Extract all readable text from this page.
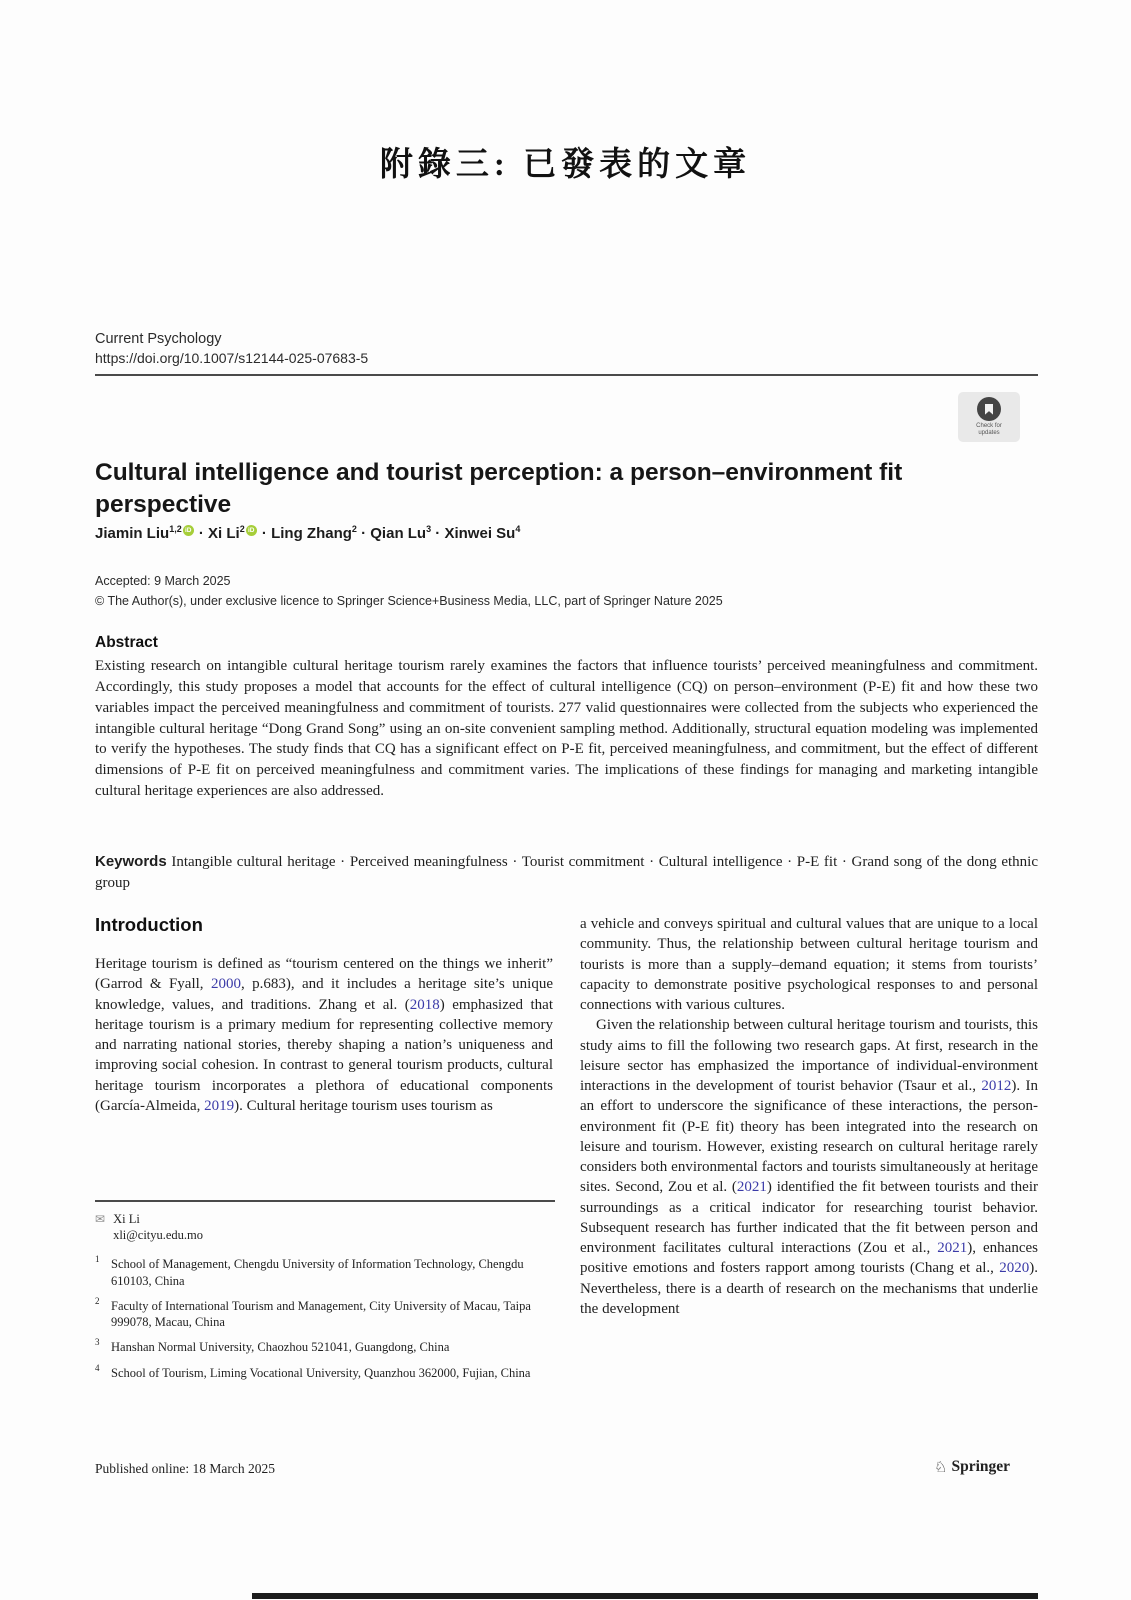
附錄三: 已發表的文章
Current Psychology
https://doi.org/10.1007/s12144-025-07683-5
Check for
updates
Cultural intelligence and tourist perception: a person–environment fit perspective
Jiamin Liu$^{1,2}$ iD · Xi Li$^2$ iD · Ling Zhang$^2$ · Qian $Lu^3$ · Xinwei Su$^4$
Accepted: 9 March 2025
© The Author(s), under exclusive licence to Springer Science+Business Media, LLC, part of Springer Nature 2025
Abstract
Existing research on intangible cultural heritage tourism rarely examines the factors that influence tourists’ perceived meaningfulness and commitment. Accordingly, this study proposes a model that accounts for the effect of cultural intelligence (CQ) on person–environment (P-E) fit and how these two variables impact the perceived meaningfulness and commitment of tourists. 277 valid questionnaires were collected from the subjects who experienced the intangible cultural heritage “Dong Grand Song” using an on-site convenient sampling method. Additionally, structural equation modeling was implemented to verify the hypotheses. The study finds that CQ has a significant effect on P-E fit, perceived meaningfulness, and commitment, but the effect of different dimensions of P-E fit on perceived meaningfulness and commitment varies. The implications of these findings for managing and marketing intangible cultural heritage experiences are also addressed.
Keywords Intangible cultural heritage · Perceived meaningfulness · Tourist commitment · Cultural intelligence · P-E fit · Grand song of the dong ethnic group
Introduction

Heritage tourism is defined as “tourism centered on the things we inherit” (Garrod & Fyall, 2000, p.683), and it includes a heritage site’s unique knowledge, values, and traditions. Zhang et al. (2018) emphasized that heritage tourism is a primary medium for representing collective memory and narrating national stories, thereby shaping a nation’s uniqueness and improving social cohesion. In contrast to general tourism products, cultural heritage tourism incorporates a plethora of educational components (García-Almeida, 2019). Cultural heritage tourism uses tourism as

a vehicle and conveys spiritual and cultural values that are unique to a local community. Thus, the relationship between cultural heritage tourism and tourists is more than a supply–demand equation; it stems from tourists’ capacity to demonstrate positive psychological responses to and personal connections with various cultures.

Given the relationship between cultural heritage tourism and tourists, this study aims to fill the following two research gaps. At first, research in the leisure sector has emphasized the importance of individual-environment interactions in the development of tourist behavior (Tsaur et al., 2012). In an effort to underscore the significance of these interactions, the person-environment fit (P-E fit) theory has been integrated into the research on leisure and tourism. However, existing research on cultural heritage rarely considers both environmental factors and tourists simultaneously at heritage sites. Second, Zou et al. (2021) identified the fit between tourists and their surroundings as a critical indicator for researching tourist behavior. Subsequent research has further indicated that the fit between person and environment facilitates cultural interactions (Zou et al., 2021), enhances positive emotions and fosters rapport among tourists (Chang et al., 2020). Nevertheless, there is a dearth of research on the mechanisms that underlie the development

✉ Xi Li
xli@cityu.edu.mo
1 School of Management, Chengdu University of Information Technology, Chengdu 610103, China
2 Faculty of International Tourism and Management, City University of Macau, Taipa 999078, Macau, China
3 Hanshan Normal University, Chaozhou 521041, Guangdong, China
4 School of Tourism, Liming Vocational University, Quanzhou 362000, Fujian, China
Published online: 18 March 2025	♘ Springer
